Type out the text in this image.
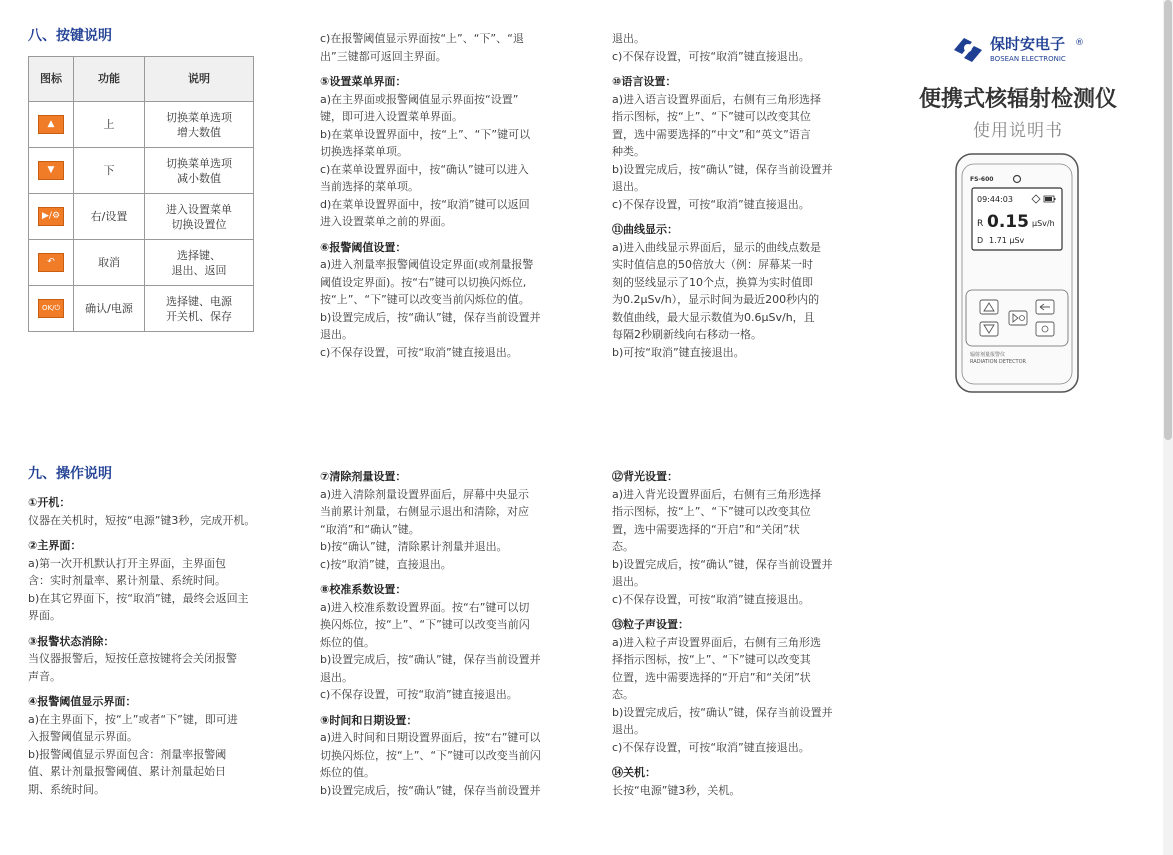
八、按键说明
图标	功能	说明
▲	上	切换菜单选项
增大数值
▼	下	切换菜单选项
减小数值
▶/⚙	右/设置	进入设置菜单
切换设置位
↶	取消	选择键、
退出、返回
OK/⏻	确认/电源	选择键、电源
开关机、保存
九、操作说明

①开机：

仪器在关机时，短按“电源”键3秒，完成开机。

②主界面：

a)第一次开机默认打开主界面，主界面包

含：实时剂量率、累计剂量、系统时间。

b)在其它界面下，按“取消”键，最终会返回主

界面。

③报警状态消除：

当仪器报警后，短按任意按键将会关闭报警

声音。

④报警阈值显示界面：

a)在主界面下，按“上”或者“下”键，即可进

入报警阈值显示界面。

b)报警阈值显示界面包含：剂量率报警阈

值、累计剂量报警阈值、累计剂量起始日

期、系统时间。

c)在报警阈值显示界面按“上”、“下”、“退

出”三键都可返回主界面。

⑤设置菜单界面：

a)在主界面或报警阈值显示界面按“设置”

键，即可进入设置菜单界面。

b)在菜单设置界面中，按“上”、“下”键可以

切换选择菜单项。

c)在菜单设置界面中，按“确认”键可以进入

当前选择的菜单项。

d)在菜单设置界面中，按“取消”键可以返回

进入设置菜单之前的界面。

⑥报警阈值设置：

a)进入剂量率报警阈值设定界面(或剂量报警

阈值设定界面)。按“右”键可以切换闪烁位,

按“上”、“下”键可以改变当前闪烁位的值。

b)设置完成后，按“确认”键，保存当前设置并

退出。

c)不保存设置，可按“取消”键直接退出。

⑦清除剂量设置：

a)进入清除剂量设置界面后，屏幕中央显示

当前累计剂量，右侧显示退出和清除，对应

“取消”和“确认”键。

b)按“确认”键，清除累计剂量并退出。

c)按“取消”键，直接退出。

⑧校准系数设置：

a)进入校准系数设置界面。按“右”键可以切

换闪烁位，按“上”、“下”键可以改变当前闪

烁位的值。

b)设置完成后，按“确认”键，保存当前设置并

退出。

c)不保存设置，可按“取消”键直接退出。

⑨时间和日期设置：

a)进入时间和日期设置界面后，按“右”键可以

切换闪烁位，按“上”、“下”键可以改变当前闪

烁位的值。

b)设置完成后，按“确认”键，保存当前设置并

退出。

c)不保存设置，可按“取消”键直接退出。

⑩语言设置：

a)进入语言设置界面后，右侧有三角形选择

指示图标，按“上”、“下”键可以改变其位

置，选中需要选择的“中文”和“英文”语言

种类。

b)设置完成后，按“确认”键，保存当前设置并

退出。

c)不保存设置，可按“取消”键直接退出。

⑪曲线显示：

a)进入曲线显示界面后，显示的曲线点数是

实时值信息的50倍放大（例：屏幕某一时

刻的竖线显示了10个点，换算为实时值即

为0.2μSv/h），显示时间为最近200秒内的

数值曲线，最大显示数值为0.6μSv/h，且

每隔2秒刷新线向右移动一格。

b)可按“取消”键直接退出。

⑫背光设置：

a)进入背光设置界面后，右侧有三角形选择

指示图标，按“上”、“下”键可以改变其位

置，选中需要选择的“开启”和“关闭”状

态。

b)设置完成后，按“确认”键，保存当前设置并

退出。

c)不保存设置，可按“取消”键直接退出。

⑬粒子声设置：

a)进入粒子声设置界面后，右侧有三角形选

择指示图标，按“上”、“下”键可以改变其

位置，选中需要选择的“开启”和“关闭”状

态。

b)设置完成后，按“确认”键，保存当前设置并

退出。

c)不保存设置，可按“取消”键直接退出。

⑭关机：

长按“电源”键3秒，关机。

保时安电子 ®
BOSEAN ELECTRONIC
便携式核辐射检测仪
使用说明书
FS-600
09:44:03
R 0.15 μSv/h
D 1.71 μSv
辐射剂量报警仪
RADIATION DETECTOR
